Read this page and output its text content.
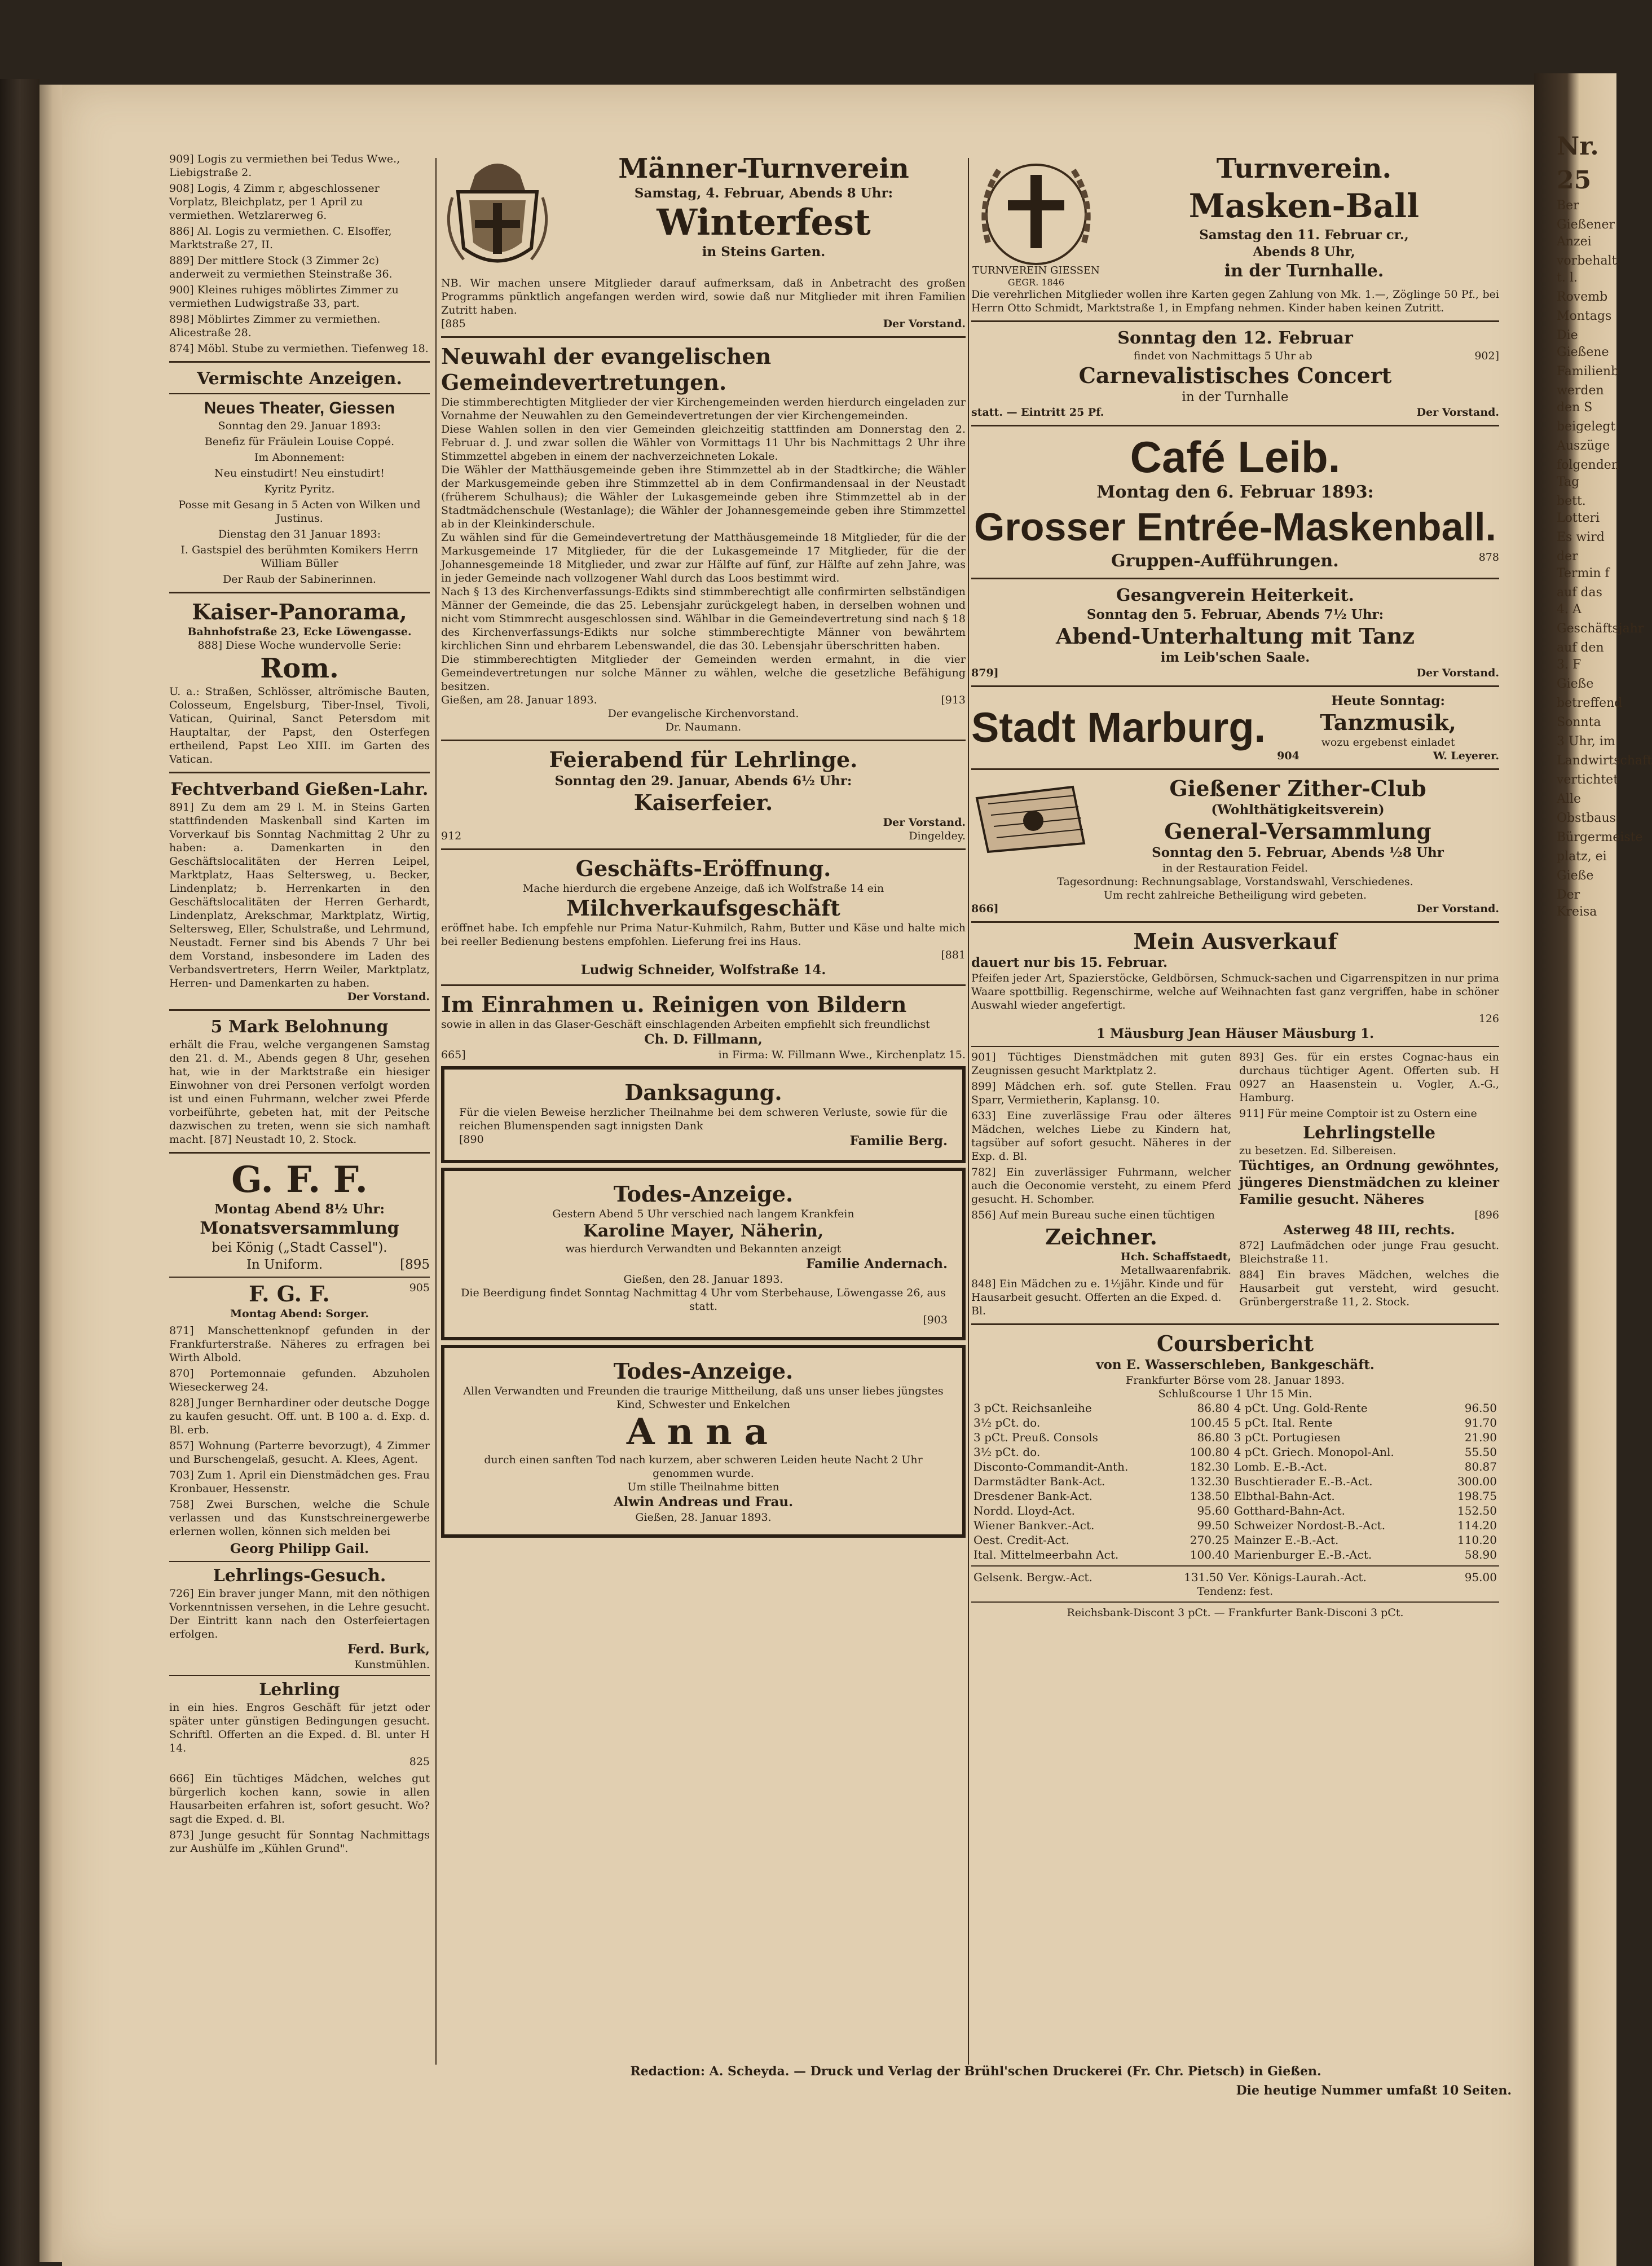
Nr. 25
Ber
Gießener Anzei
vorbehalt. t. l.
Rovemb
Montags
Die Gießene
Familienb
werden den S
beigelegt
Auszüge
folgenden Tag
bett. Lotteri
Es wird
der Termin f
auf das 4. A
Geschäftsjahr
auf den 3. F
Gieße
betreffend
Sonnta
3 Uhr, im
Landwirtschaft
vertichtet
Alle
Obstbaus
Bürgermeiste
platz, ei
Gieße
Der Kreisa
909] Logis zu vermiethen bei Tedus Wwe., Liebigstraße 2.
908] Logis, 4 Zimm r, abgeschlossener Vorplatz, Bleichplatz, per 1 April zu vermiethen. Wetzlarerweg 6.
886] Al. Logis zu vermiethen. C. Elsoffer, Marktstraße 27, II.
889] Der mittlere Stock (3 Zimmer 2c) anderweit zu vermiethen Steinstraße 36.
900] Kleines ruhiges möblirtes Zimmer zu vermiethen Ludwigstraße 33, part.
898] Möblirtes Zimmer zu vermiethen. Alicestraße 28.
874] Möbl. Stube zu vermiethen. Tiefenweg 18.
Vermischte Anzeigen.
Neues Theater, Giessen
Sonntag den 29. Januar 1893:
Benefiz für Fräulein Louise Coppé.
Im Abonnement:
Neu einstudirt! Neu einstudirt!
Kyritz Pyritz.
Posse mit Gesang in 5 Acten von Wilken und Justinus.
Dienstag den 31 Januar 1893:
I. Gastspiel des berühmten Komikers Herrn William Büller
Der Raub der Sabinerinnen.
Kaiser-Panorama,
Bahnhofstraße 23, Ecke Löwengasse.
888] Diese Woche wundervolle Serie:
Rom.
U. a.: Straßen, Schlösser, altrömische Bauten, Colosseum, Engelsburg, Tiber-Insel, Tivoli, Vatican, Quirinal, Sanct Petersdom mit Hauptaltar, der Papst, den Osterfegen ertheilend, Papst Leo XIII. im Garten des Vatican.
Fechtverband Gießen-Lahr.
891] Zu dem am 29 l. M. in Steins Garten stattfindenden Maskenball sind Karten im Vorverkauf bis Sonntag Nachmittag 2 Uhr zu haben: a. Damenkarten in den Geschäftslocalitäten der Herren Leipel, Marktplatz, Haas Seltersweg, u. Becker, Lindenplatz; b. Herrenkarten in den Geschäftslocalitäten der Herren Gerhardt, Lindenplatz, Arekschmar, Marktplatz, Wirtig, Seltersweg, Eller, Schulstraße, und Lehrmund, Neustadt. Ferner sind bis Abends 7 Uhr bei dem Vorstand, insbesondere im Laden des Verbandsvertreters, Herrn Weiler, Marktplatz, Herren- und Damenkarten zu haben.
Der Vorstand.
5 Mark Belohnung
erhält die Frau, welche vergangenen Samstag den 21. d. M., Abends gegen 8 Uhr, gesehen hat, wie in der Marktstraße ein hiesiger Einwohner von drei Personen verfolgt worden ist und einen Fuhrmann, welcher zwei Pferde vorbeiführte, gebeten hat, mit der Peitsche dazwischen zu treten, wenn sie sich namhaft macht. [87] Neustadt 10, 2. Stock.
G. F. F.
Montag Abend 8½ Uhr:
Monatsversammlung
bei König („Stadt Cassel").
In Uniform.	[895
F. G. F.	905
Montag Abend: Sorger.
871] Manschettenknopf gefunden in der Frankfurterstraße. Näheres zu erfragen bei Wirth Albold.
870] Portemonnaie gefunden. Abzuholen Wieseckerweg 24.
828] Junger Bernhardiner oder deutsche Dogge zu kaufen gesucht. Off. unt. B 100 a. d. Exp. d. Bl. erb.
857] Wohnung (Parterre bevorzugt), 4 Zimmer und Burschengelaß, gesucht. A. Klees, Agent.
703] Zum 1. April ein Dienstmädchen ges. Frau Kronbauer, Hessenstr.
758] Zwei Burschen, welche die Schule verlassen und das Kunstschreinergewerbe erlernen wollen, können sich melden bei
Georg Philipp Gail.
Lehrlings-Gesuch.
726] Ein braver junger Mann, mit den nöthigen Vorkenntnissen versehen, in die Lehre gesucht. Der Eintritt kann nach den Osterfeiertagen erfolgen.
Ferd. Burk,
Kunstmühlen.
Lehrling
in ein hies. Engros Geschäft für jetzt oder später unter günstigen Bedingungen gesucht. Schriftl. Offerten an die Exped. d. Bl. unter H 14.
825
666] Ein tüchtiges Mädchen, welches gut bürgerlich kochen kann, sowie in allen Hausarbeiten erfahren ist, sofort gesucht. Wo? sagt die Exped. d. Bl.
873] Junge gesucht für Sonntag Nachmittags zur Aushülfe im „Kühlen Grund".
Männer-Turnverein
Samstag, 4. Februar, Abends 8 Uhr:
Winterfest
in Steins Garten.
NB. Wir machen unsere Mitglieder darauf aufmerksam, daß in Anbetracht des großen Programms pünktlich angefangen werden wird, sowie daß nur Mitglieder mit ihren Familien Zutritt haben.
[885	Der Vorstand.
Neuwahl der evangelischen Gemeindevertretungen.
Die stimmberechtigten Mitglieder der vier Kirchengemeinden werden hierdurch eingeladen zur Vornahme der Neuwahlen zu den Gemeindevertretungen der vier Kirchengemeinden.
Diese Wahlen sollen in den vier Gemeinden gleichzeitig stattfinden am Donnerstag den 2. Februar d. J. und zwar sollen die Wähler von Vormittags 11 Uhr bis Nachmittags 2 Uhr ihre Stimmzettel abgeben in einem der nachverzeichneten Lokale.
Die Wähler der Matthäusgemeinde geben ihre Stimmzettel ab in der Stadtkirche; die Wähler der Markusgemeinde geben ihre Stimmzettel ab in dem Confirmandensaal in der Neustadt (früherem Schulhaus); die Wähler der Lukasgemeinde geben ihre Stimmzettel ab in der Stadtmädchenschule (Westanlage); die Wähler der Johannesgemeinde geben ihre Stimmzettel ab in der Kleinkinderschule.
Zu wählen sind für die Gemeindevertretung der Matthäusgemeinde 18 Mitglieder, für die der Markusgemeinde 17 Mitglieder, für die der Lukasgemeinde 17 Mitglieder, für die der Johannesgemeinde 18 Mitglieder, und zwar zur Hälfte auf fünf, zur Hälfte auf zehn Jahre, was in jeder Gemeinde nach vollzogener Wahl durch das Loos bestimmt wird.
Nach § 13 des Kirchenverfassungs-Edikts sind stimmberechtigt alle confirmirten selbständigen Männer der Gemeinde, die das 25. Lebensjahr zurückgelegt haben, in derselben wohnen und nicht vom Stimmrecht ausgeschlossen sind. Wählbar in die Gemeindevertretung sind nach § 18 des Kirchenverfassungs-Edikts nur solche stimmberechtigte Männer von bewährtem kirchlichen Sinn und ehrbarem Lebenswandel, die das 30. Lebensjahr überschritten haben.
Die stimmberechtigten Mitglieder der Gemeinden werden ermahnt, in die vier Gemeindevertretungen nur solche Männer zu wählen, welche die gesetzliche Befähigung besitzen.
Gießen, am 28. Januar 1893.	[913
Der evangelische Kirchenvorstand.
Dr. Naumann.
Feierabend für Lehrlinge.
Sonntag den 29. Januar, Abends 6½ Uhr:
Kaiserfeier.
Der Vorstand.
912	Dingeldey.
Geschäfts-Eröffnung.
Mache hierdurch die ergebene Anzeige, daß ich Wolfstraße 14 ein
Milchverkaufsgeschäft
eröffnet habe. Ich empfehle nur Prima Natur-Kuhmilch, Rahm, Butter und Käse und halte mich bei reeller Bedienung bestens empfohlen. Lieferung frei ins Haus.
[881
Ludwig Schneider, Wolfstraße 14.
Im Einrahmen u. Reinigen von Bildern
sowie in allen in das Glaser-Geschäft einschlagenden Arbeiten empfiehlt sich freundlichst
Ch. D. Fillmann,
665]	in Firma: W. Fillmann Wwe., Kirchenplatz 15.
Danksagung.
Für die vielen Beweise herzlicher Theilnahme bei dem schweren Verluste, sowie für die reichen Blumenspenden sagt innigsten Dank
[890	Familie Berg.
Todes-Anzeige.
Gestern Abend 5 Uhr verschied nach langem Krankfein
Karoline Mayer, Näherin,
was hierdurch Verwandten und Bekannten anzeigt
Familie Andernach.
Gießen, den 28. Januar 1893.
Die Beerdigung findet Sonntag Nachmittag 4 Uhr vom Sterbehause, Löwengasse 26, aus statt.
[903
Todes-Anzeige.
Allen Verwandten und Freunden die traurige Mittheilung, daß uns unser liebes jüngstes Kind, Schwester und Enkelchen
Anna
durch einen sanften Tod nach kurzem, aber schweren Leiden heute Nacht 2 Uhr genommen wurde.
Um stille Theilnahme bitten
Alwin Andreas und Frau.
Gießen, 28. Januar 1893.
TURNVEREIN GIESSEN
GEGR. 1846
Turnverein.
Masken-Ball
Samstag den 11. Februar cr.,
Abends 8 Uhr,
in der Turnhalle.
Die verehrlichen Mitglieder wollen ihre Karten gegen Zahlung von Mk. 1.—, Zöglinge 50 Pf., bei Herrn Otto Schmidt, Marktstraße 1, in Empfang nehmen. Kinder haben keinen Zutritt.
Sonntag den 12. Februar
findet von Nachmittags 5 Uhr ab	902]
Carnevalistisches Concert
in der Turnhalle
statt. — Eintritt 25 Pf.	Der Vorstand.
Café Leib.
Montag den 6. Februar 1893:
Grosser Entrée-Maskenball.
Gruppen-Aufführungen.	878
Gesangverein Heiterkeit.
Sonntag den 5. Februar, Abends 7½ Uhr:
Abend-Unterhaltung mit Tanz
im Leib'schen Saale.
879]	Der Vorstand.
Stadt Marburg.
Heute Sonntag:
Tanzmusik,
wozu ergebenst einladet
904	W. Leyerer.
Gießener Zither-Club
(Wohlthätigkeitsverein)
General-Versammlung
Sonntag den 5. Februar, Abends ½8 Uhr
in der Restauration Feidel.
Tagesordnung: Rechnungsablage, Vorstandswahl, Verschiedenes.
Um recht zahlreiche Betheiligung wird gebeten.
866]	Der Vorstand.
Mein Ausverkauf
dauert nur bis 15. Februar.
Pfeifen jeder Art, Spazierstöcke, Geldbörsen, Schmuck-sachen und Cigarrenspitzen in nur prima Waare spottbillig. Regenschirme, welche auf Weihnachten fast ganz vergriffen, habe in schöner Auswahl wieder angefertigt.
126
1 Mäusburg Jean Häuser Mäusburg 1.
901] Tüchtiges Dienstmädchen mit guten Zeugnissen gesucht Marktplatz 2.
899] Mädchen erh. sof. gute Stellen. Frau Sparr, Vermietherin, Kaplansg. 10.
633] Eine zuverlässige Frau oder älteres Mädchen, welches Liebe zu Kindern hat, tagsüber auf sofort gesucht. Näheres in der Exp. d. Bl.
782] Ein zuverlässiger Fuhrmann, welcher auch die Oeconomie versteht, zu einem Pferd gesucht. H. Schomber.
856] Auf mein Bureau suche einen tüchtigen
Zeichner.
Hch. Schaffstaedt,
Metallwaarenfabrik.
848] Ein Mädchen zu e. 1½jähr. Kinde und für Hausarbeit gesucht. Offerten an die Exped. d. Bl.
893] Ges. für ein erstes Cognac-haus ein durchaus tüchtiger Agent. Offerten sub. H 0927 an Haasenstein u. Vogler, A.-G., Hamburg.
911] Für meine Comptoir ist zu Ostern eine
Lehrlingstelle
zu besetzen. Ed. Silbereisen.
Tüchtiges, an Ordnung gewöhntes, jüngeres Dienstmädchen zu kleiner Familie gesucht. Näheres
[896
Asterweg 48 III, rechts.
872] Laufmädchen oder junge Frau gesucht. Bleichstraße 11.
884] Ein braves Mädchen, welches die Hausarbeit gut versteht, wird gesucht. Grünbergerstraße 11, 2. Stock.
Coursbericht
von E. Wasserschleben, Bankgeschäft.
Frankfurter Börse vom 28. Januar 1893.
Schlußcourse 1 Uhr 15 Min.
3 pCt. Reichsanleihe	86.80	4 pCt. Ung. Gold-Rente	96.50
3½ pCt. do.	100.45	5 pCt. Ital. Rente	91.70
3 pCt. Preuß. Consols	86.80	3 pCt. Portugiesen	21.90
3½ pCt. do.	100.80	4 pCt. Griech. Monopol-Anl.	55.50
Disconto-Commandit-Anth.	182.30	Lomb. E.-B.-Act.	80.87
Darmstädter Bank-Act.	132.30	Buschtierader E.-B.-Act.	300.00
Dresdener Bank-Act.	138.50	Elbthal-Bahn-Act.	198.75
Nordd. Lloyd-Act.	95.60	Gotthard-Bahn-Act.	152.50
Wiener Bankver.-Act.	99.50	Schweizer Nordost-B.-Act.	114.20
Oest. Credit-Act.	270.25	Mainzer E.-B.-Act.	110.20
Ital. Mittelmeerbahn Act.	100.40	Marienburger E.-B.-Act.	58.90
Gelsenk. Bergw.-Act.	131.50	Ver. Königs-Laurah.-Act.	95.00
Tendenz: fest.
Reichsbank-Discont 3 pCt. — Frankfurter Bank-Disconi 3 pCt.
Redaction: A. Scheyda. — Druck und Verlag der Brühl'schen Druckerei (Fr. Chr. Pietsch) in Gießen.
Die heutige Nummer umfaßt 10 Seiten.
